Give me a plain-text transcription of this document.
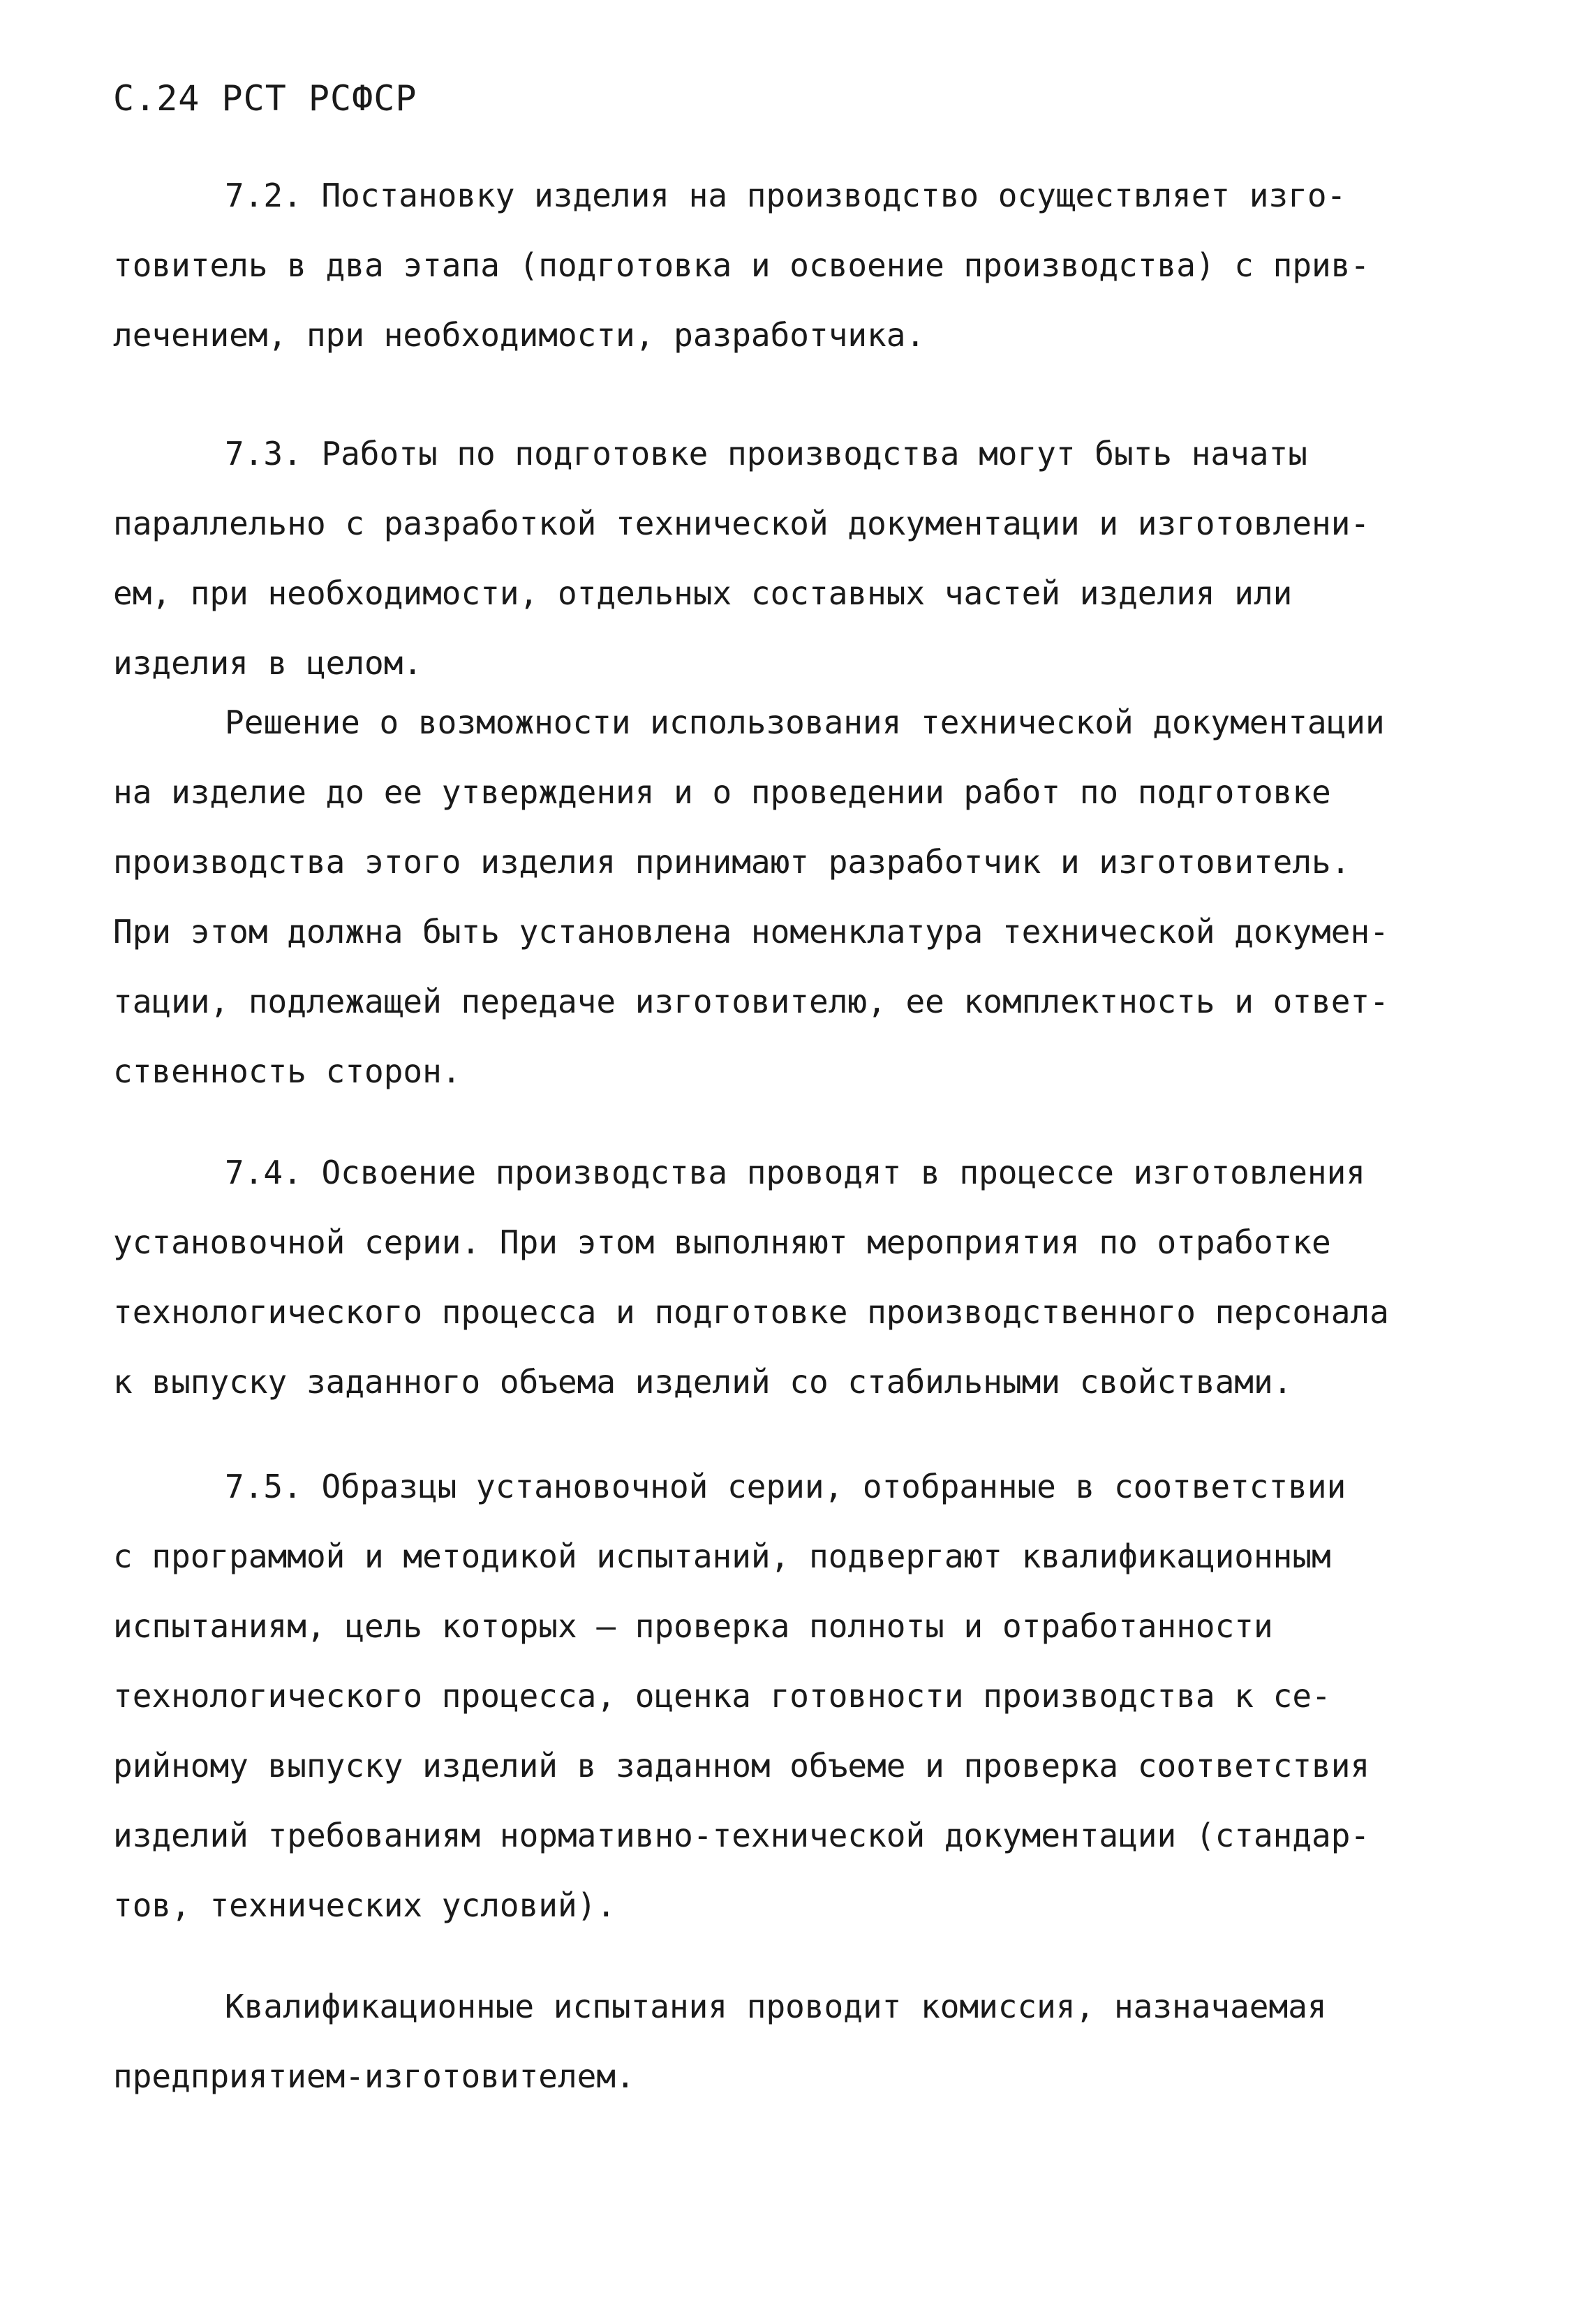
С.24 РСТ РСФСР
7.2. Постановку изделия на производство осуществляет изго-
товитель в два этапа (подготовка и освоение производства) с прив-
лечением, при необходимости, разработчика.
7.3. Работы по подготовке производства могут быть начаты
параллельно с разработкой технической документации и изготовлени-
ем, при необходимости, отдельных составных частей изделия или
изделия в целом.
Решение о возможности использования технической документации
на изделие до ее утверждения и о проведении работ по подготовке
производства этого изделия принимают разработчик и изготовитель.
При этом должна быть установлена номенклатура технической докумен-
тации, подлежащей передаче изготовителю, ее комплектность и ответ-
ственность сторон.
7.4. Освоение производства проводят в процессе изготовления
установочной серии. При этом выполняют мероприятия по отработке
технологического процесса и подготовке производственного персонала
к выпуску заданного объема изделий со стабильными свойствами.
7.5. Образцы установочной серии, отобранные в соответствии
с программой и методикой испытаний, подвергают квалификационным
испытаниям, цель которых – проверка полноты и отработанности
технологического процесса, оценка готовности производства к се-
рийному выпуску изделий в заданном объеме и проверка соответствия
изделий требованиям нормативно-технической документации (стандар-
тов, технических условий).
Квалификационные испытания проводит комиссия, назначаемая
предприятием-изготовителем.
